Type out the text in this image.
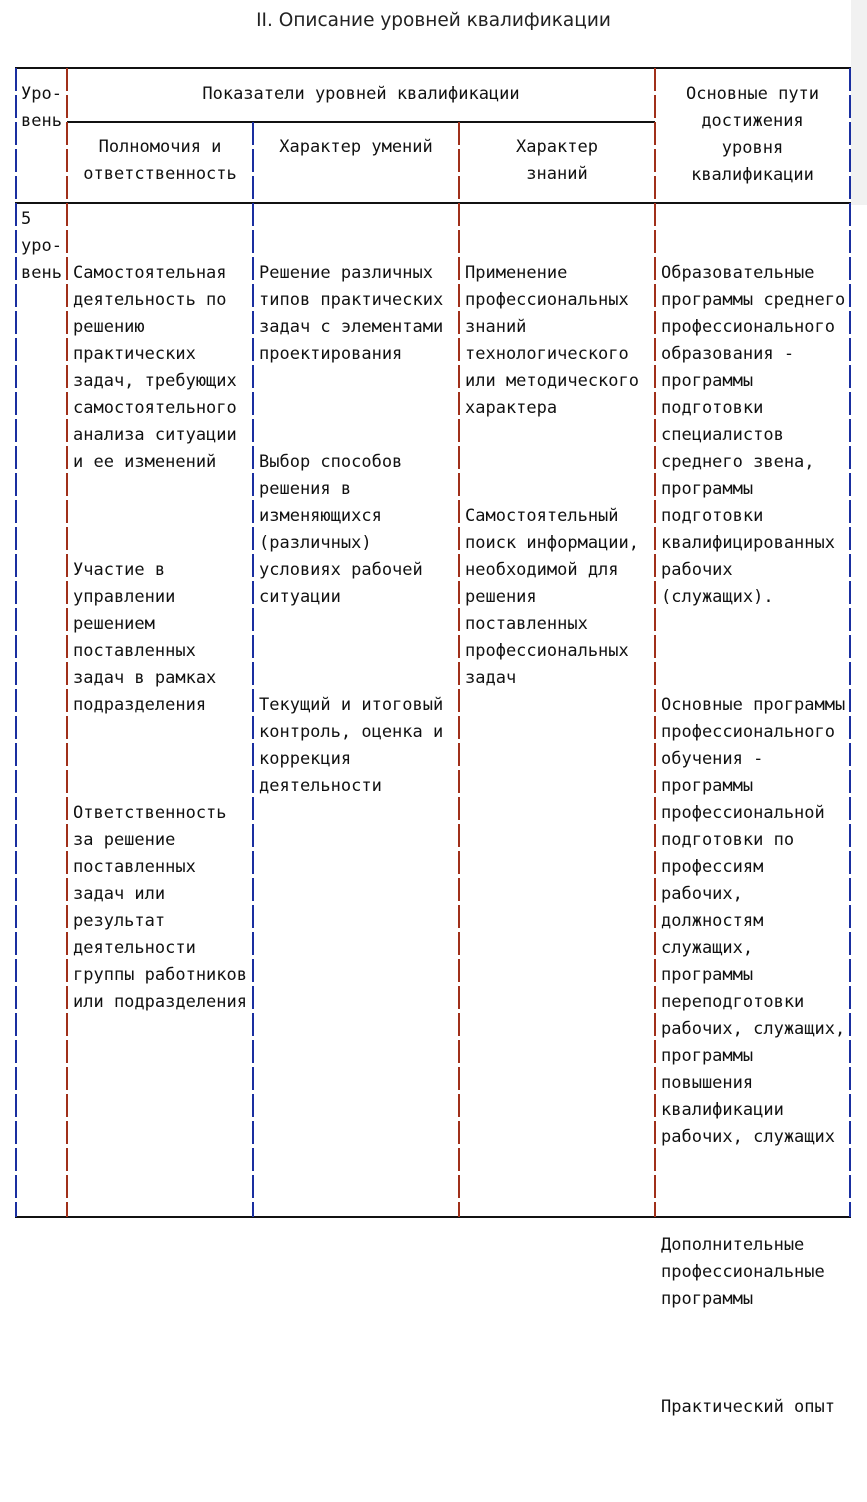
II. Описание уровней квалификации
Уро-
вень
Показатели уровней квалификации
Полномочия и
ответственность
Характер умений	Характер
знаний
Основные пути
достижения
уровня
квалификации
5
уро-
вень

Самостоятельная
деятельность по
решению
практических
задач, требующих
самостоятельного
анализа ситуации
и ее изменений

Участие в
управлении
решением
поставленных
задач в рамках
подразделения

Ответственность
за решение
поставленных
задач или
результат
деятельности
группы работников
или подразделения

Решение различных
типов практических
задач с элементами
проектирования

Выбор способов
решения в
изменяющихся
(различных)
условиях рабочей
ситуации

Текущий и итоговый
контроль, оценка и
коррекция
деятельности

Применение
профессиональных
знаний
технологического
или методического
характера

Самостоятельный
поиск информации,
необходимой для
решения
поставленных
профессиональных
задач

Образовательные
программы среднего
профессионального
образования -
программы
подготовки
специалистов
среднего звена,
программы
подготовки
квалифицированных
рабочих
(служащих).

Основные программы
профессионального
обучения -
программы
профессиональной
подготовки по
профессиям
рабочих,
должностям
служащих,
программы
переподготовки
рабочих, служащих,
программы
повышения
квалификации
рабочих, служащих

Дополнительные
профессиональные
программы

Практический опыт
